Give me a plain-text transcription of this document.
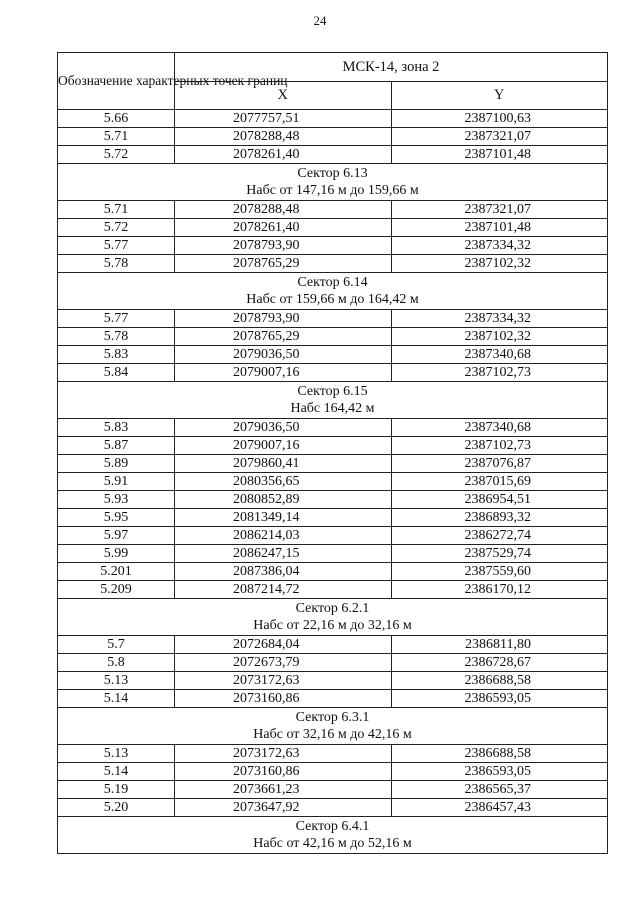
24
Обозначение характерных точек границ	МСК-14, зона 2	
	X	Y
5.66	2077757,51	2387100,63
5.71	2078288,48	2387321,07
5.72	2078261,40	2387101,48

Сектор 6.13
Набс от 147,16 м до 159,66 м		

5.71	2078288,48	2387321,07
5.72	2078261,40	2387101,48
5.77	2078793,90	2387334,32
5.78	2078765,29	2387102,32

Сектор 6.14
Набс от 159,66 м до 164,42 м		

5.77	2078793,90	2387334,32
5.78	2078765,29	2387102,32
5.83	2079036,50	2387340,68
5.84	2079007,16	2387102,73

Сектор 6.15
Набс 164,42 м		

5.83	2079036,50	2387340,68
5.87	2079007,16	2387102,73
5.89	2079860,41	2387076,87
5.91	2080356,65	2387015,69
5.93	2080852,89	2386954,51
5.95	2081349,14	2386893,32
5.97	2086214,03	2386272,74
5.99	2086247,15	2387529,74
5.201	2087386,04	2387559,60
5.209	2087214,72	2386170,12

Сектор 6.2.1
Набс от 22,16 м до 32,16 м		

5.7	2072684,04	2386811,80
5.8	2072673,79	2386728,67
5.13	2073172,63	2386688,58
5.14	2073160,86	2386593,05

Сектор 6.3.1
Набс от 32,16 м до 42,16 м		

5.13	2073172,63	2386688,58
5.14	2073160,86	2386593,05
5.19	2073661,23	2386565,37
5.20	2073647,92	2386457,43

Сектор 6.4.1
Набс от 42,16 м до 52,16 м		
